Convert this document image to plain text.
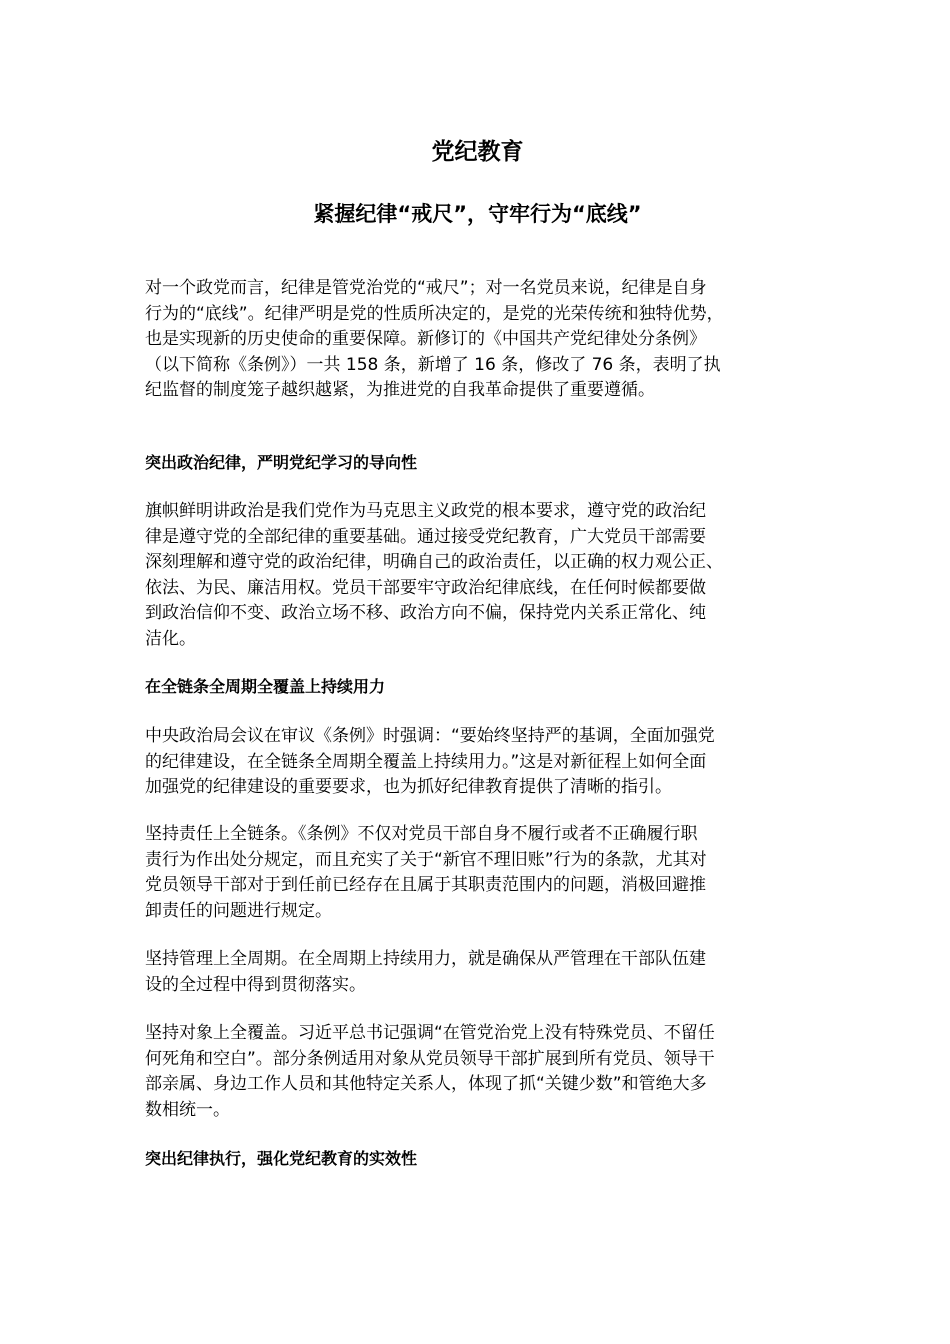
党纪教育
紧握纪律“戒尺”，守牢行为“底线”

对一个政党而言，纪律是管党治党的“戒尺”；对一名党员来说，纪律是自身
行为的“底线”。纪律严明是党的性质所决定的，是党的光荣传统和独特优势，
也是实现新的历史使命的重要保障。新修订的《中国共产党纪律处分条例》
（以下简称《条例》）一共 158 条，新增了 16 条，修改了 76 条，表明了执
纪监督的制度笼子越织越紧，为推进党的自我革命提供了重要遵循。

突出政治纪律，严明党纪学习的导向性

旗帜鲜明讲政治是我们党作为马克思主义政党的根本要求，遵守党的政治纪
律是遵守党的全部纪律的重要基础。通过接受党纪教育，广大党员干部需要
深刻理解和遵守党的政治纪律，明确自己的政治责任，以正确的权力观公正、
依法、为民、廉洁用权。党员干部要牢守政治纪律底线，在任何时候都要做
到政治信仰不变、政治立场不移、政治方向不偏，保持党内关系正常化、纯
洁化。

在全链条全周期全覆盖上持续用力

中央政治局会议在审议《条例》时强调：“要始终坚持严的基调，全面加强党
的纪律建设，在全链条全周期全覆盖上持续用力。”这是对新征程上如何全面
加强党的纪律建设的重要要求，也为抓好纪律教育提供了清晰的指引。

坚持责任上全链条。《条例》不仅对党员干部自身不履行或者不正确履行职
责行为作出处分规定，而且充实了关于“新官不理旧账”行为的条款，尤其对
党员领导干部对于到任前已经存在且属于其职责范围内的问题，消极回避推
卸责任的问题进行规定。

坚持管理上全周期。在全周期上持续用力，就是确保从严管理在干部队伍建
设的全过程中得到贯彻落实。

坚持对象上全覆盖。习近平总书记强调“在管党治党上没有特殊党员、不留任
何死角和空白”。部分条例适用对象从党员领导干部扩展到所有党员、领导干
部亲属、身边工作人员和其他特定关系人，体现了抓“关键少数”和管绝大多
数相统一。

突出纪律执行，强化党纪教育的实效性
